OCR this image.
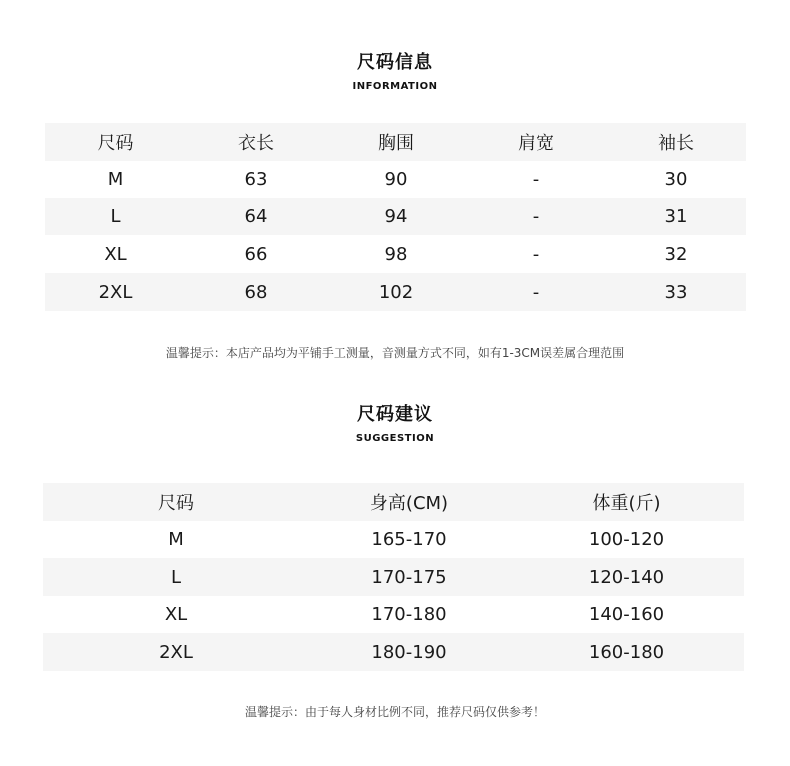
尺码信息
INFORMATION
尺码	衣长	胸围	肩宽	袖长
M	63	90	-	30
L	64	94	-	31
XL	66	98	-	32
2XL	68	102	-	33
温馨提示：本店产品均为平铺手工测量，音测量方式不同，如有1-3CM误差属合理范围
尺码建议
SUGGESTION
尺码	身高(CM)	体重(斤)
M	165-170	100-120
L	170-175	120-140
XL	170-180	140-160
2XL	180-190	160-180
温馨提示：由于每人身材比例不同，推荐尺码仅供参考！
